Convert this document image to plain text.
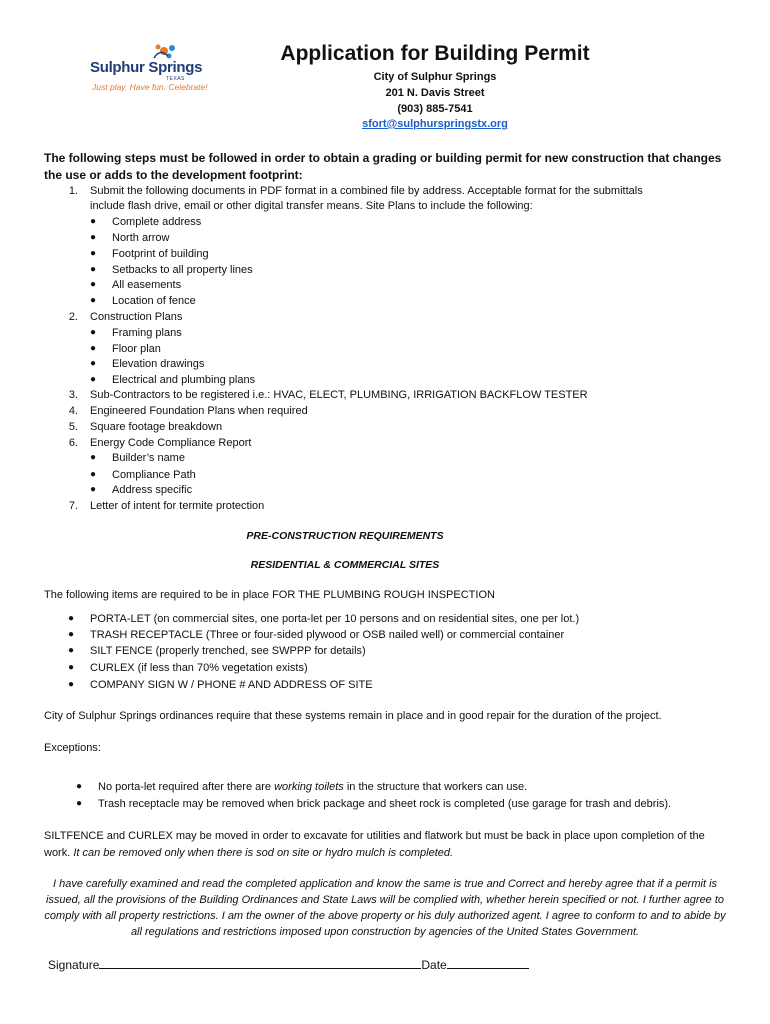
Sulphur Springs
TEXAS
Just play. Have fun. Celebrate!
Application for Building Permit
City of Sulphur Springs
201 N. Davis Street
(903) 885-7541
sfort@sulphurspringstx.org
The following steps must be followed in order to obtain a grading or building permit for new construction that changes the use or adds to the development footprint:
1. Submit the following documents in PDF format in a combined file by address. Acceptable format for the submittals
include flash drive, email or other digital transfer means. Site Plans to include the following:
● Complete address
● North arrow
● Footprint of building
● Setbacks to all property lines
● All easements
● Location of fence
2. Construction Plans
● Framing plans
● Floor plan
● Elevation drawings
● Electrical and plumbing plans
3. Sub-Contractors to be registered i.e.: HVAC, ELECT, PLUMBING, IRRIGATION BACKFLOW TESTER
4. Engineered Foundation Plans when required
5. Square footage breakdown
6. Energy Code Compliance Report
● Builder’s name
● Compliance Path
● Address specific
7. Letter of intent for termite protection
PRE-CONSTRUCTION REQUIREMENTS
RESIDENTIAL & COMMERCIAL SITES
The following items are required to be in place FOR THE PLUMBING ROUGH INSPECTION
● PORTA-LET (on commercial sites, one porta-let per 10 persons and on residential sites, one per lot.)
● TRASH RECEPTACLE (Three or four-sided plywood or OSB nailed well) or commercial container
● SILT FENCE (properly trenched, see SWPPP for details)
● CURLEX (if less than 70% vegetation exists)
● COMPANY SIGN W / PHONE # AND ADDRESS OF SITE
City of Sulphur Springs ordinances require that these systems remain in place and in good repair for the duration of the project.
Exceptions:
● No porta-let required after there are working toilets in the structure that workers can use.
● Trash receptacle may be removed when brick package and sheet rock is completed (use garage for trash and debris).
SILTFENCE and CURLEX may be moved in order to excavate for utilities and flatwork but must be back in place upon completion of the work. It can be removed only when there is sod on site or hydro mulch is completed.
I have carefully examined and read the completed application and know the same is true and Correct and hereby agree that if a permit is issued, all the provisions of the Building Ordinances and State Laws will be complied with, whether herein specified or not. I further agree to comply with all property restrictions. I am the owner of the above property or his duly authorized agent. I agree to conform to and to abide by all regulations and restrictions imposed upon construction by agencies of the United States Government.
Signature	Date
